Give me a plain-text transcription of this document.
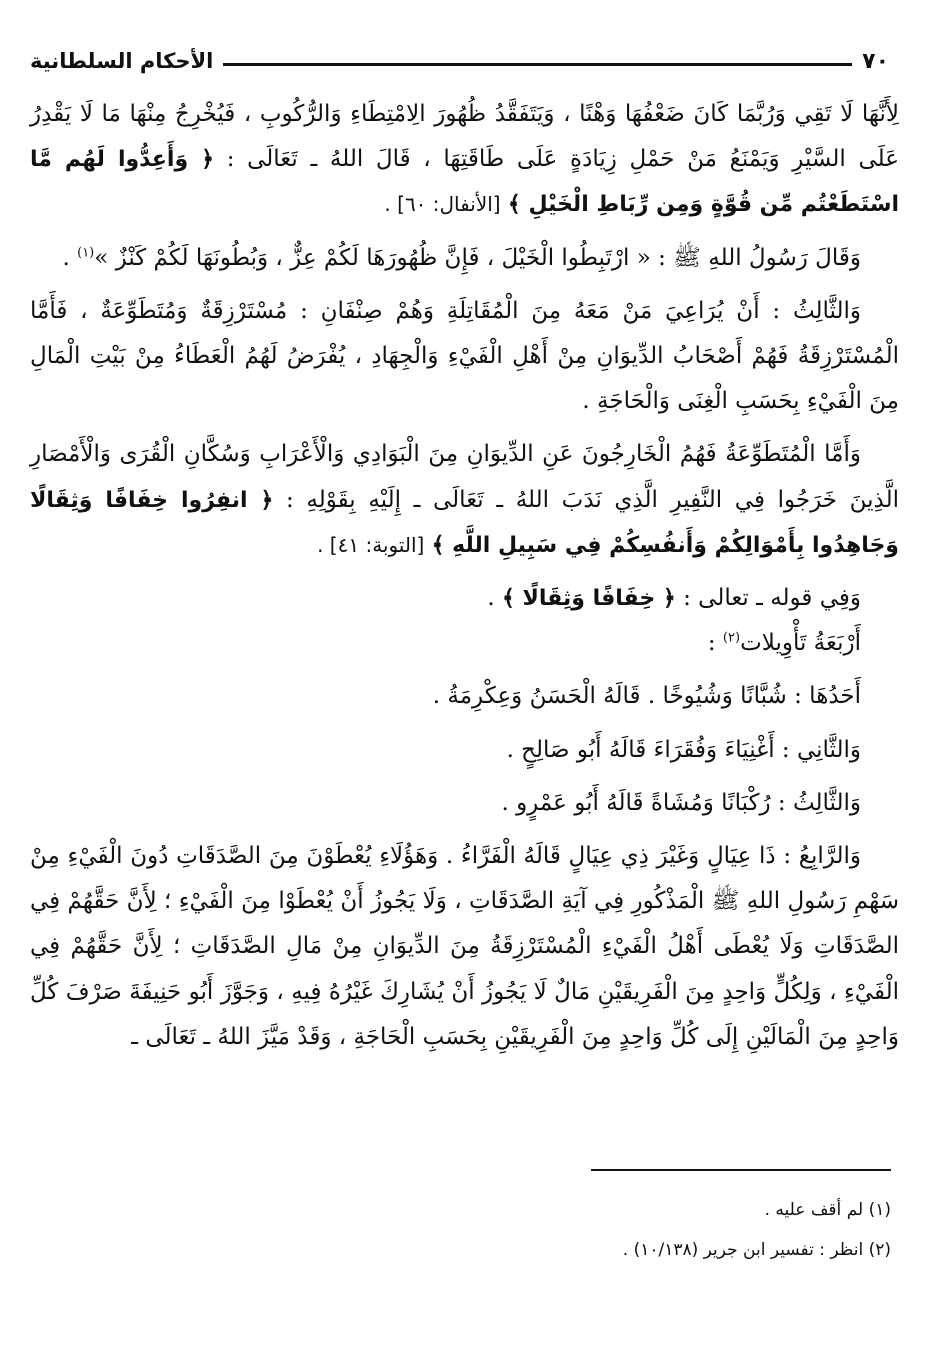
الأحكام السلطانية	٧٠

لِأَنَّهَا لَا تَقِي وَرُبَّمَا كَانَ ضَعْفُهَا وَهْنًا ، وَيَتَفَقَّدُ ظُهُورَ الِامْتِطَاءِ وَالرُّكُوبِ ، فَيُخْرِجُ مِنْهَا مَا لَا يَقْدِرُ عَلَى السَّيْرِ وَيَمْنَعُ مَنْ حَمْلِ زِيَادَةٍ عَلَى طَاقَتِهَا ، قَالَ اللهُ ـ تَعَالَى : ﴿ وَأَعِدُّوا لَهُم مَّا اسْتَطَعْتُم مِّن قُوَّةٍ وَمِن رِّبَاطِ الْخَيْلِ ﴾ [الأنفال: ٦٠] .

وَقَالَ رَسُولُ اللهِ ﷺ : « ارْتَبِطُوا الْخَيْلَ ، فَإِنَّ ظُهُورَهَا لَكُمْ عِزٌّ ، وَبُطُونَهَا لَكُمْ كَنْزٌ »$^{(١)}$ .

وَالثَّالِثُ : أَنْ يُرَاعِيَ مَنْ مَعَهُ مِنَ الْمُقَاتِلَةِ وَهُمْ صِنْفَانِ : مُسْتَرْزِقَةٌ وَمُتَطَوِّعَةٌ ، فَأَمَّا الْمُسْتَرْزِقَةُ فَهُمْ أَصْحَابُ الدِّيوَانِ مِنْ أَهْلِ الْفَيْءِ وَالْجِهَادِ ، يُفْرَضُ لَهُمُ الْعَطَاءُ مِنْ بَيْتِ الْمَالِ مِنَ الْفَيْءِ بِحَسَبِ الْغِنَى وَالْحَاجَةِ .

وَأَمَّا الْمُتَطَوِّعَةُ فَهُمُ الْخَارِجُونَ عَنِ الدِّيوَانِ مِنَ الْبَوَادِي وَالْأَعْرَابِ وَسُكَّانِ الْقُرَى وَالْأَمْصَارِ الَّذِينَ خَرَجُوا فِي النَّفِيرِ الَّذِي نَدَبَ اللهُ ـ تَعَالَى ـ إِلَيْهِ بِقَوْلِهِ : ﴿ انفِرُوا خِفَافًا وَثِقَالًا وَجَاهِدُوا بِأَمْوَالِكُمْ وَأَنفُسِكُمْ فِي سَبِيلِ اللَّهِ ﴾ [التوبة: ٤١] .

وَفِي قوله ـ تعالى : ﴿ خِفَافًا وَثِقَالًا ﴾ .

أَرْبَعَةُ تَأْوِيلات$^{(٢)}$ :

أَحَدُهَا : شُبَّانًا وَشُيُوخًا . قَالَهُ الْحَسَنُ وَعِكْرِمَةُ .

وَالثَّانِي : أَغْنِيَاءَ وَفُقَرَاءَ قَالَهُ أَبُو صَالِحٍ .

وَالثَّالِثُ : رُكْبَانًا وَمُشَاةً قَالَهُ أَبُو عَمْرٍو .

وَالرَّابِعُ : ذَا عِيَالٍ وَغَيْرَ ذِي عِيَالٍ قَالَهُ الْفَرَّاءُ . وَهَؤُلَاءِ يُعْطَوْنَ مِنَ الصَّدَقَاتِ دُونَ الْفَيْءِ مِنْ سَهْمِ رَسُولِ اللهِ ﷺ الْمَذْكُورِ فِي آيَةِ الصَّدَقَاتِ ، وَلَا يَجُوزُ أَنْ يُعْطَوْا مِنَ الْفَيْءِ ؛ لِأَنَّ حَقَّهُمْ فِي الصَّدَقَاتِ وَلَا يُعْطَى أَهْلُ الْفَيْءِ الْمُسْتَرْزِقَةُ مِنَ الدِّيوَانِ مِنْ مَالِ الصَّدَقَاتِ ؛ لِأَنَّ حَقَّهُمْ فِي الْفَيْءِ ، وَلِكُلٍّ وَاحِدٍ مِنَ الْفَرِيقَيْنِ مَالٌ لَا يَجُوزُ أَنْ يُشَارِكَ غَيْرُهُ فِيهِ ، وَجَوَّزَ أَبُو حَنِيفَةَ صَرْفَ كُلِّ وَاحِدٍ مِنَ الْمَالَيْنِ إِلَى كُلِّ وَاحِدٍ مِنَ الْفَرِيقَيْنِ بِحَسَبِ الْحَاجَةِ ، وَقَدْ مَيَّزَ اللهُ ـ تَعَالَى ـ

(١) لم أقف عليه .

(٢) انظر : تفسير ابن جرير (١٠/١٣٨) .
